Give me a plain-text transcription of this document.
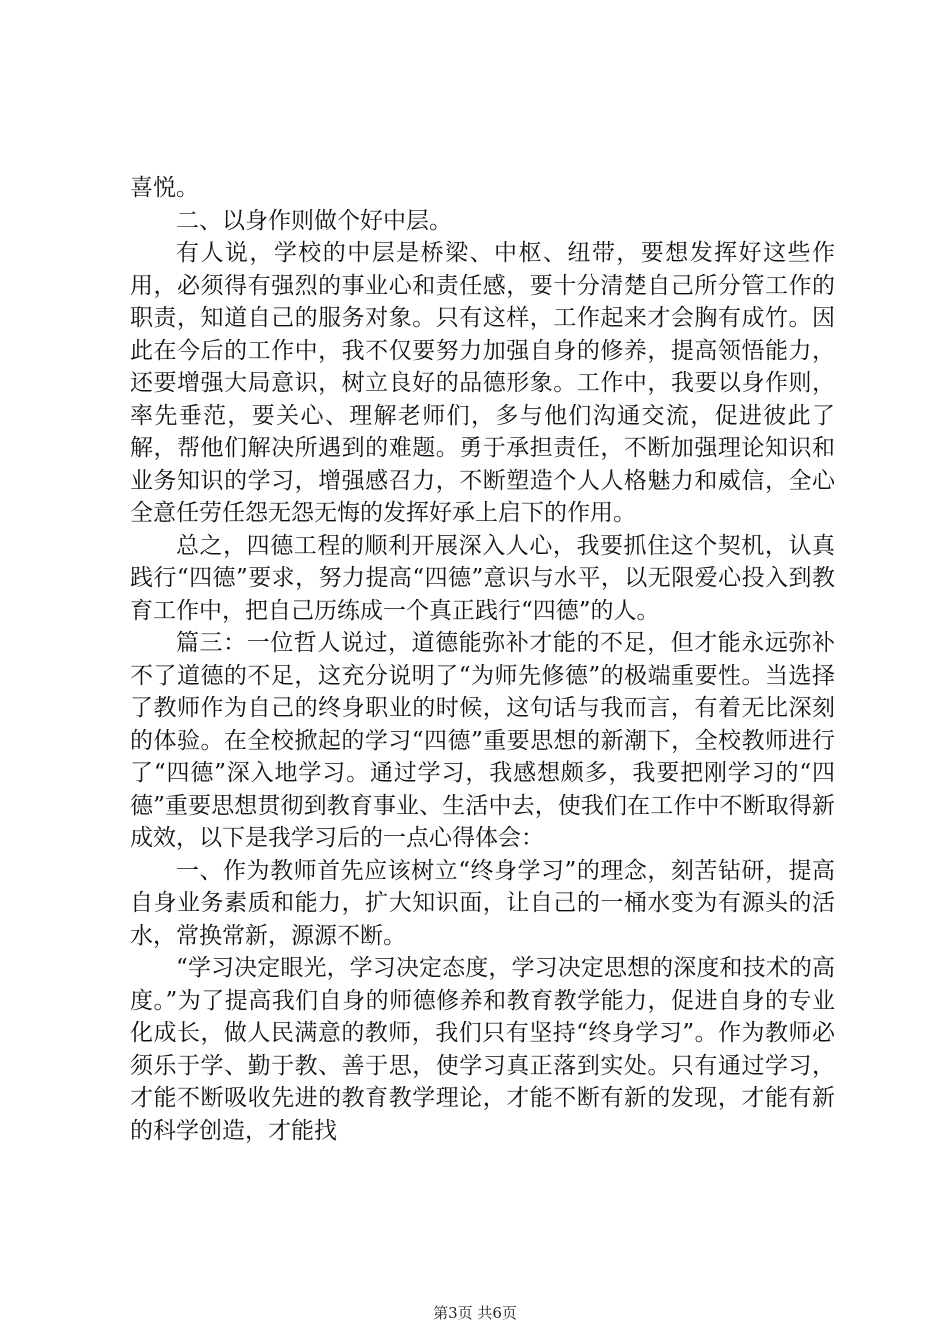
喜悦。

二、以身作则做个好中层。

有人说，学校的中层是桥梁、中枢、纽带，要想发挥好这些作用，必须得有强烈的事业心和责任感，要十分清楚自己所分管工作的职责，知道自己的服务对象。只有这样，工作起来才会胸有成竹。因此在今后的工作中，我不仅要努力加强自身的修养，提高领悟能力，还要增强大局意识，树立良好的品德形象。工作中，我要以身作则，率先垂范，要关心、理解老师们，多与他们沟通交流，促进彼此了解，帮他们解决所遇到的难题。勇于承担责任，不断加强理论知识和业务知识的学习，增强感召力，不断塑造个人人格魅力和威信，全心全意任劳任怨无怨无悔的发挥好承上启下的作用。

总之，四德工程的顺利开展深入人心，我要抓住这个契机，认真践行“四德”要求，努力提高“四德”意识与水平，以无限爱心投入到教育工作中，把自己历练成一个真正践行“四德”的人。

篇三：一位哲人说过，道德能弥补才能的不足，但才能永远弥补不了道德的不足，这充分说明了“为师先修德”的极端重要性。当选择了教师作为自己的终身职业的时候，这句话与我而言，有着无比深刻的体验。在全校掀起的学习“四德”重要思想的新潮下，全校教师进行了“四德”深入地学习。通过学习，我感想颇多，我要把刚学习的“四德”重要思想贯彻到教育事业、生活中去，使我们在工作中不断取得新成效，以下是我学习后的一点心得体会：

一、作为教师首先应该树立“终身学习”的理念，刻苦钻研，提高自身业务素质和能力，扩大知识面，让自己的一桶水变为有源头的活水，常换常新，源源不断。

“学习决定眼光，学习决定态度，学习决定思想的深度和技术的高度。”为了提高我们自身的师德修养和教育教学能力，促进自身的专业化成长，做人民满意的教师，我们只有坚持“终身学习”。作为教师必须乐于学、勤于教、善于思，使学习真正落到实处。只有通过学习，才能不断吸收先进的教育教学理论，才能不断有新的发现，才能有新的科学创造，才能找

第3页 共6页
